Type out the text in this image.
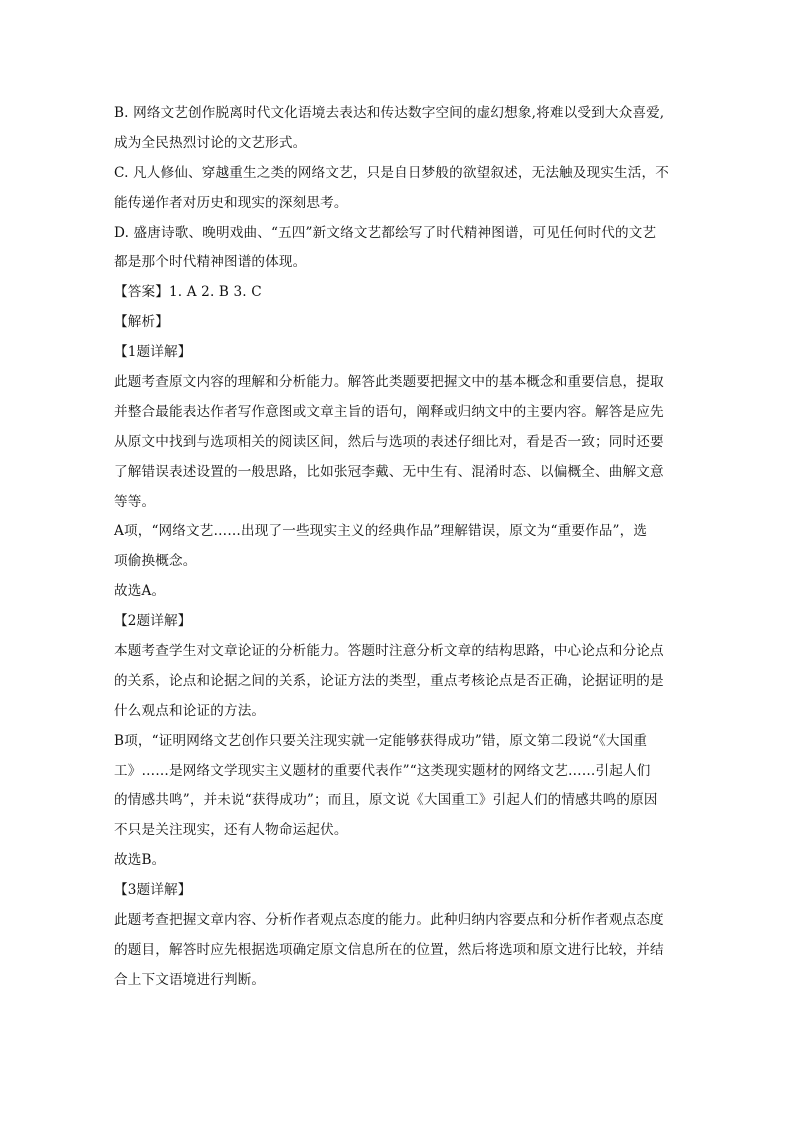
B. 网络文艺创作脱离时代文化语境去表达和传达数字空间的虚幻想象,将难以受到大众喜爱,
成为全民热烈讨论的文艺形式。
C. 凡人修仙、穿越重生之类的网络文艺，只是自日梦般的欲望叙述，无法触及现实生活，不
能传递作者对历史和现实的深刻思考。
D. 盛唐诗歌、晚明戏曲、“五四”新文络文艺都绘写了时代精神图谱，可见任何时代的文艺
都是那个时代精神图谱的体现。
【答案】1. A 2. B 3. C
【解析】
【1题详解】
此题考查原文内容的理解和分析能力。解答此类题要把握文中的基本概念和重要信息，提取
并整合最能表达作者写作意图或文章主旨的语句，阐释或归纳文中的主要内容。解答是应先
从原文中找到与选项相关的阅读区间，然后与选项的表述仔细比对，看是否一致；同时还要
了解错误表述设置的一般思路，比如张冠李戴、无中生有、混淆时态、以偏概全、曲解文意
等等。
A项，“网络文艺……出现了一些现实主义的经典作品”理解错误，原文为“重要作品”，选
项偷换概念。
故选A。
【2题详解】
本题考查学生对文章论证的分析能力。答题时注意分析文章的结构思路，中心论点和分论点
的关系，论点和论据之间的关系，论证方法的类型，重点考核论点是否正确，论据证明的是
什么观点和论证的方法。
B项，“证明网络文艺创作只要关注现实就一定能够获得成功”错，原文第二段说“《大国重
工》……是网络文学现实主义题材的重要代表作”“这类现实题材的网络文艺……引起人们
的情感共鸣”，并未说“获得成功”；而且，原文说《大国重工》引起人们的情感共鸣的原因
不只是关注现实，还有人物命运起伏。
故选B。
【3题详解】
此题考查把握文章内容、分析作者观点态度的能力。此种归纳内容要点和分析作者观点态度
的题目，解答时应先根据选项确定原文信息所在的位置，然后将选项和原文进行比较，并结
合上下文语境进行判断。
